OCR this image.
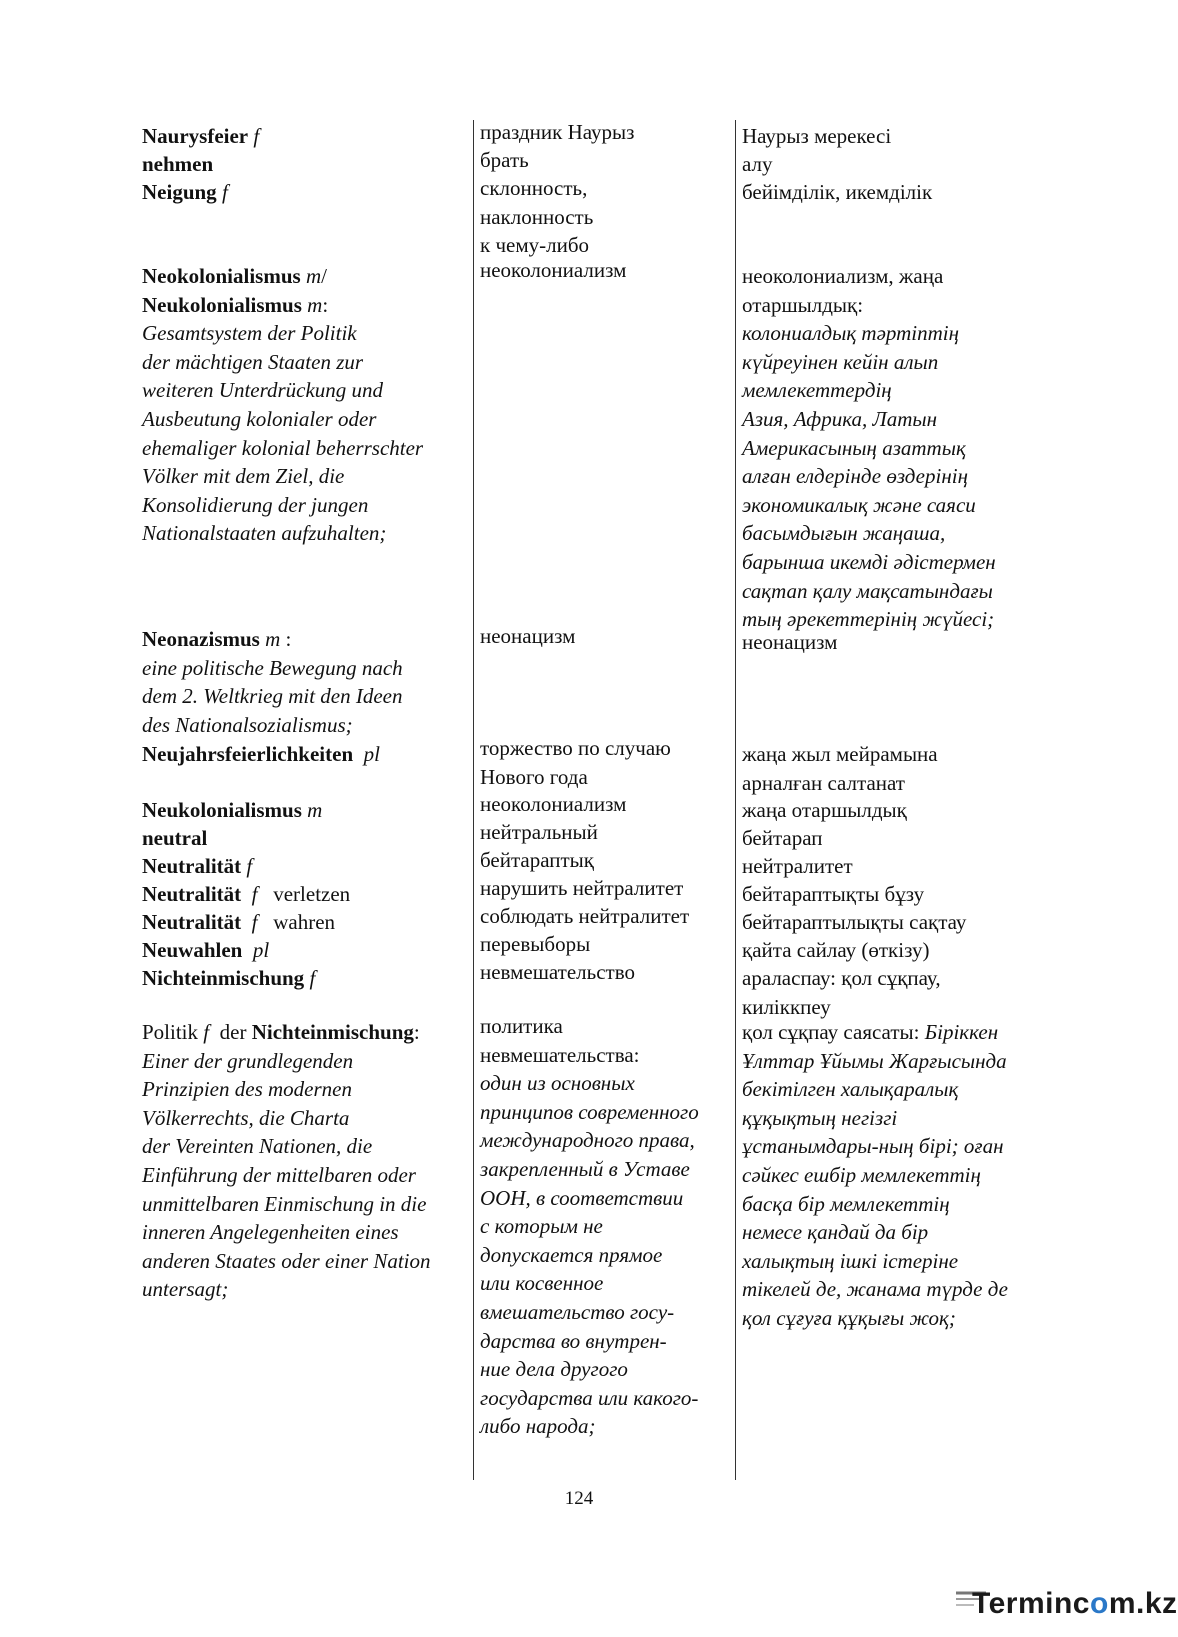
Naurysfeier f
nehmen
Neigung f
Neokolonialismus m/
Neukolonialismus m:
Gesamtsystem der Politik
der mächtigen Staaten zur
weiteren Unterdrückung und
Ausbeutung kolonialer oder
ehemaliger kolonial beherrschter
Völker mit dem Ziel, die
Konsolidierung der jungen
Nationalstaaten aufzuhalten;
Neonazismus m :
eine politische Bewegung nach
dem 2. Weltkrieg mit den Ideen
des Nationalsozialismus;
Neujahrsfeierlichkeiten  pl
Neukolonialismus m
neutral
Neutralität f
Neutralität  f   verletzen
Neutralität  f   wahren
Neuwahlen  pl
Nichteinmischung f
Politik f  der Nichteinmischung:
Einer der grundlegenden
Prinzipien des modernen
Völkerrechts, die Charta
der Vereinten Nationen, die
Einführung der mittelbaren oder
unmittelbaren Einmischung in die
inneren Angelegenheiten eines
anderen Staates oder einer Nation
untersagt;
праздник Наурыз
брать
склонность,
наклонность
к чему-либо
неоколониализм
неонацизм
торжество по случаю
Нового года
неоколониализм
нейтральный
бейтараптық
нарушить нейтралитет
соблюдать нейтралитет
перевыборы
невмешательство
политика
невмешательства:
один из основных
принципов современного
международного права,
закрепленный в Уставе
ООН, в соответствии
с которым не
допускается прямое
или косвенное
вмешательство госу-
дарства во внутрен-
ние дела другого
государства или какого-
либо народа;
Наурыз мерекесі
алу
бейімділік, икемділік
неоколониализм, жаңа
отаршылдық:
колониалдық тәртіптің
күйреуінен кейін алып
мемлекеттердің
Азия, Африка, Латын
Америкасының азаттық
алған елдерінде өздерінің
экономикалық және саяси
басымдығын жаңаша,
барынша икемді әдістермен
сақтап қалу мақсатындағы
тың әрекеттерінің жүйесі;
неонацизм
жаңа жыл мейрамына
арналған салтанат
жаңа отаршылдық
бейтарап
нейтралитет
бейтараптықты бұзу
бейтараптылықты сақтау
қайта сайлау (өткізу)
араласпау: қол сұқпау,
киліккпеу
қол сұқпау саясаты: Біріккен
Ұлттар Ұйымы Жарғысында
бекітілген халықаралық
құқықтың негізгі
ұстанымдары-ның бірі; оған
сәйкес ешбір мемлекеттің
басқа бір мемлекеттің
немесе қандай да бір
халықтың ішкі істеріне
тікелей де, жанама түрде де
қол сұғуға құқығы жоқ;
124
Termincom.kz
